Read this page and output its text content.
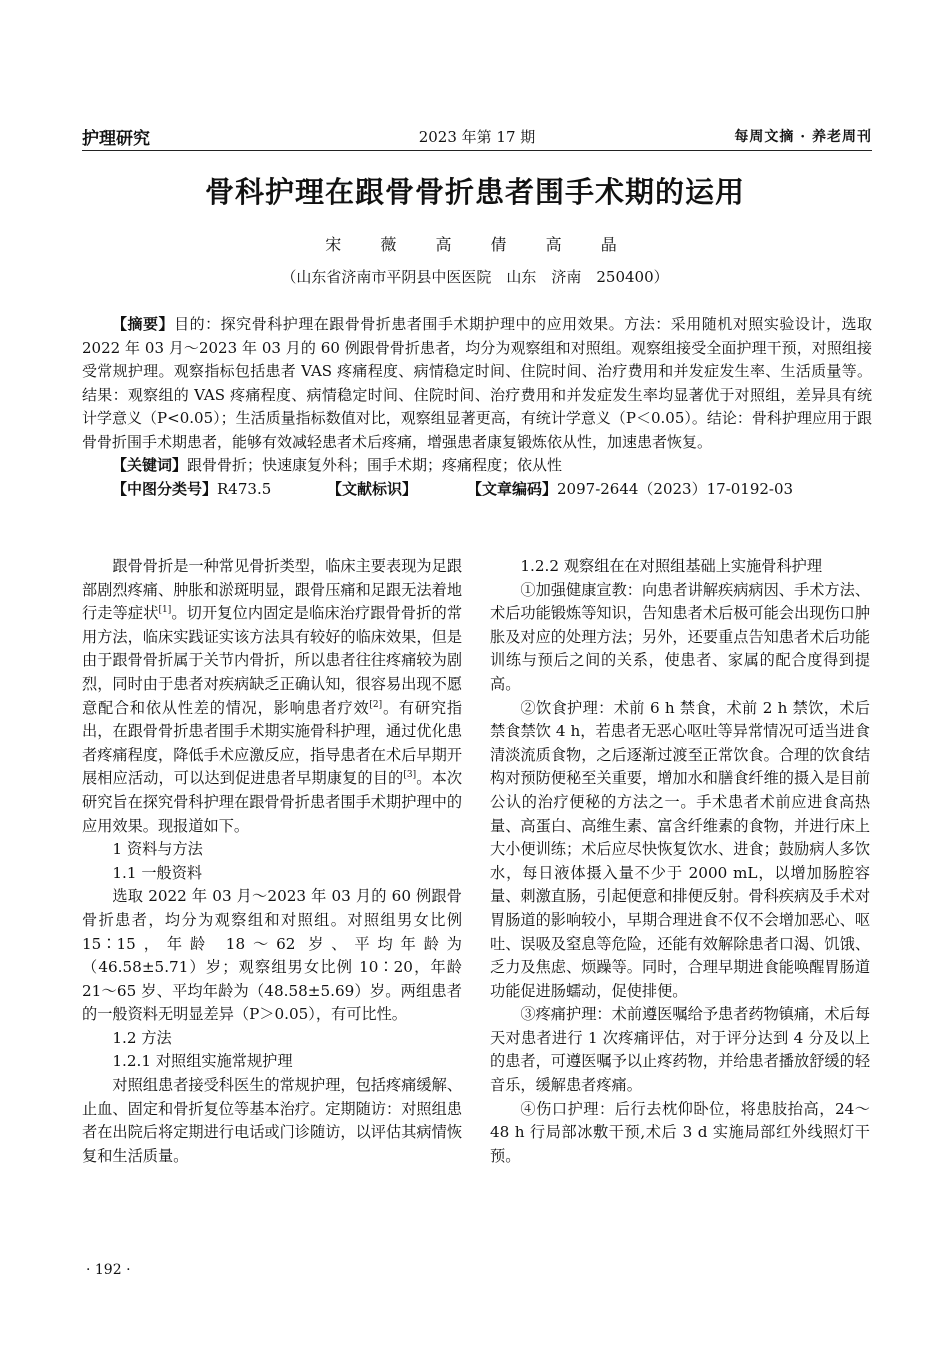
护理研究	2023 年第 17 期	每周文摘 · 养老周刊
骨科护理在跟骨骨折患者围手术期的运用
宋 薇 高 倩 高 晶
（山东省济南市平阴县中医医院　山东　济南　250400）

【摘要】目的：探究骨科护理在跟骨骨折患者围手术期护理中的应用效果。方法：采用随机对照实验设计，选取 2022 年 03 月～2023 年 03 月的 60 例跟骨骨折患者，均分为观察组和对照组。观察组接受全面护理干预，对照组接受常规护理。观察指标包括患者 VAS 疼痛程度、病情稳定时间、住院时间、治疗费用和并发症发生率、生活质量等。结果：观察组的 VAS 疼痛程度、病情稳定时间、住院时间、治疗费用和并发症发生率均显著优于对照组，差异具有统计学意义（P<0.05）；生活质量指标数值对比，观察组显著更高，有统计学意义（P＜0.05）。结论：骨科护理应用于跟骨骨折围手术期患者，能够有效减轻患者术后疼痛，增强患者康复锻炼依从性，加速患者恢复。

【关键词】跟骨骨折；快速康复外科；围手术期；疼痛程度；依从性

【中图分类号】R473.5	【文献标识】	【文章编码】2097-2644（2023）17-0192-03

跟骨骨折是一种常见骨折类型，临床主要表现为足跟部剧烈疼痛、肿胀和淤斑明显，跟骨压痛和足跟无法着地行走等症状[1]。切开复位内固定是临床治疗跟骨骨折的常用方法，临床实践证实该方法具有较好的临床效果，但是由于跟骨骨折属于关节内骨折，所以患者往往疼痛较为剧烈，同时由于患者对疾病缺乏正确认知，很容易出现不愿意配合和依从性差的情况，影响患者疗效[2]。有研究指出，在跟骨骨折患者围手术期实施骨科护理，通过优化患者疼痛程度，降低手术应激反应，指导患者在术后早期开展相应活动，可以达到促进患者早期康复的目的[3]。本次研究旨在探究骨科护理在跟骨骨折患者围手术期护理中的应用效果。现报道如下。

1 资料与方法

1.1 一般资料

选取 2022 年 03 月～2023 年 03 月的 60 例跟骨骨折患者，均分为观察组和对照组。对照组男女比例 15∶15，年龄 18～62 岁、平均年龄为（46.58±5.71）岁；观察组男女比例 10∶20，年龄 21～65 岁、平均年龄为（48.58±5.69）岁。两组患者的一般资料无明显差异（P＞0.05），有可比性。

1.2 方法

1.2.1 对照组实施常规护理

对照组患者接受科医生的常规护理，包括疼痛缓解、止血、固定和骨折复位等基本治疗。定期随访：对照组患者在出院后将定期进行电话或门诊随访，以评估其病情恢复和生活质量。

1.2.2 观察组在在对照组基础上实施骨科护理

①加强健康宣教：向患者讲解疾病病因、手术方法、术后功能锻炼等知识，告知患者术后极可能会出现伤口肿胀及对应的处理方法；另外，还要重点告知患者术后功能训练与预后之间的关系，使患者、家属的配合度得到提高。

②饮食护理：术前 6 h 禁食，术前 2 h 禁饮，术后禁食禁饮 4 h，若患者无恶心呕吐等异常情况可适当进食清淡流质食物，之后逐渐过渡至正常饮食。合理的饮食结构对预防便秘至关重要，增加水和膳食纤维的摄入是目前公认的治疗便秘的方法之一。手术患者术前应进食高热量、高蛋白、高维生素、富含纤维素的食物，并进行床上大小便训练；术后应尽快恢复饮水、进食；鼓励病人多饮水，每日液体摄入量不少于 2000 mL，以增加肠腔容量、刺激直肠，引起便意和排便反射。骨科疾病及手术对胃肠道的影响较小，早期合理进食不仅不会增加恶心、呕吐、误吸及窒息等危险，还能有效解除患者口渴、饥饿、乏力及焦虑、烦躁等。同时，合理早期进食能唤醒胃肠道功能促进肠蠕动，促使排便。

③疼痛护理：术前遵医嘱给予患者药物镇痛，术后每天对患者进行 1 次疼痛评估，对于评分达到 4 分及以上的患者，可遵医嘱予以止疼药物，并给患者播放舒缓的轻音乐，缓解患者疼痛。

④伤口护理：后行去枕仰卧位，将患肢抬高，24～48 h 行局部冰敷干预,术后 3 d 实施局部红外线照灯干预。

· 192 ·
